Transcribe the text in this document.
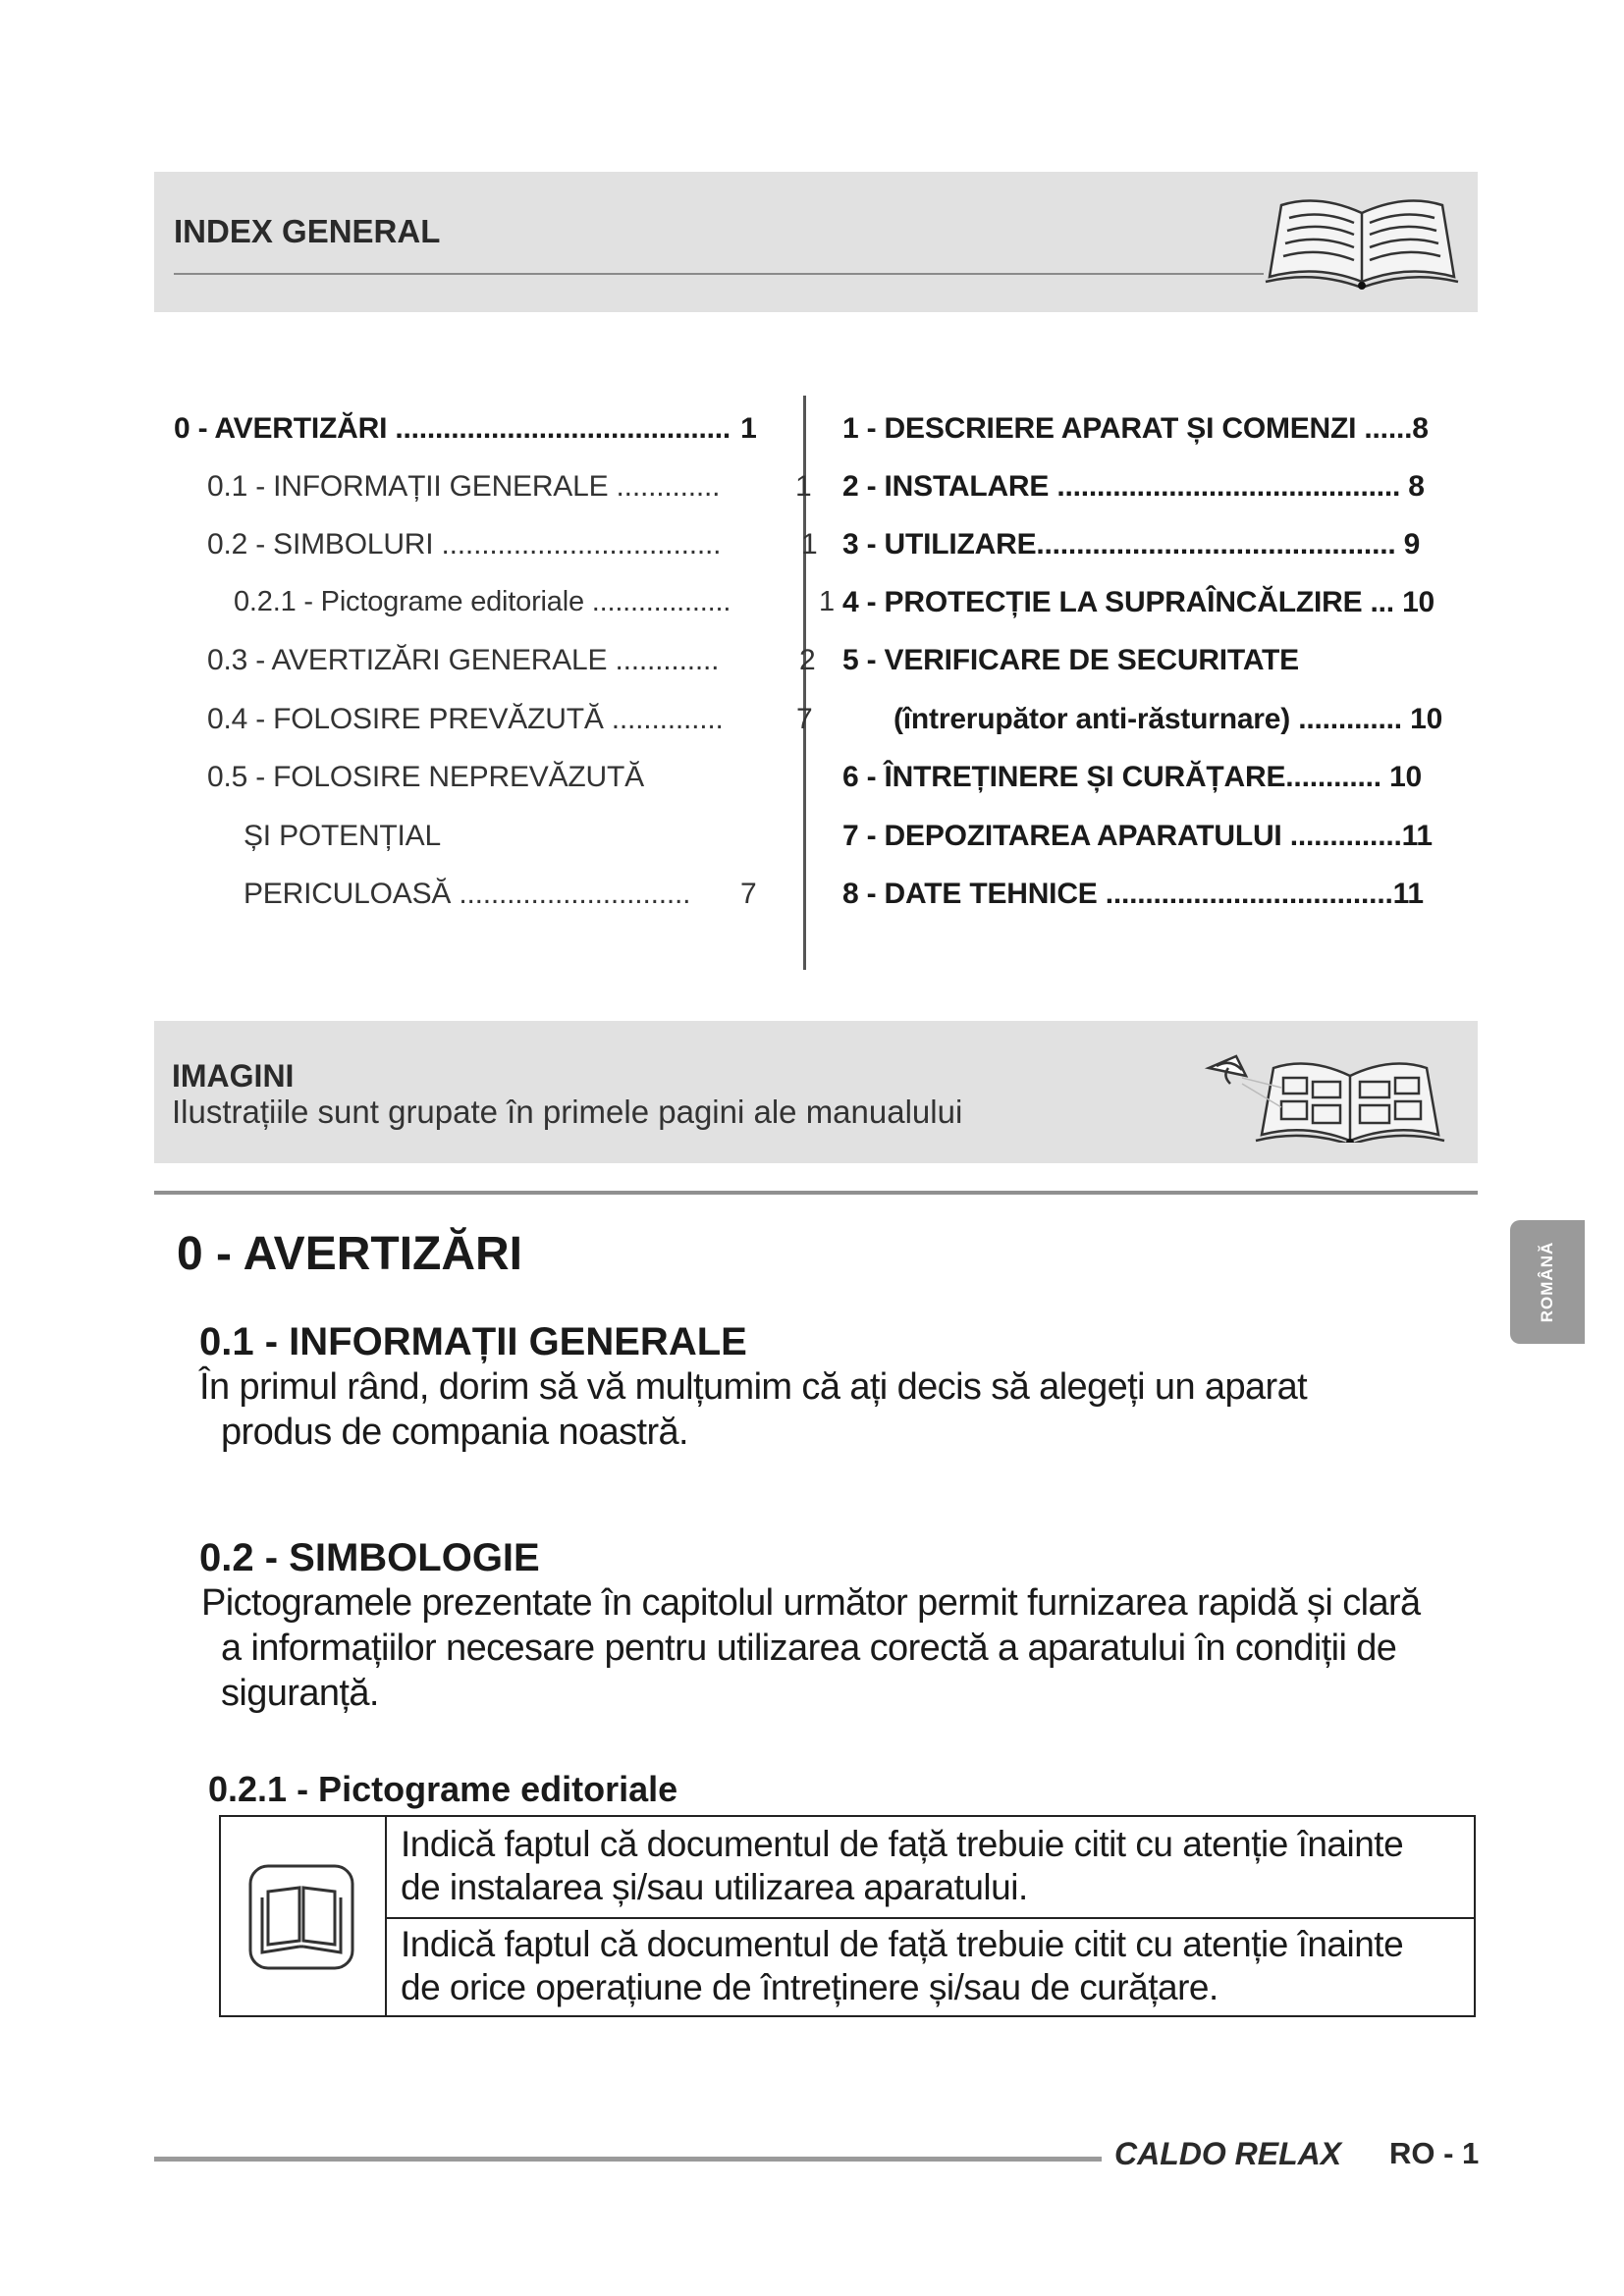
INDEX GENERAL
0 - AVERTIZĂRI .......................................... 1
0.1 - INFORMAȚII GENERALE .............	1
0.2 - SIMBOLURI ...................................	1
0.2.1 - Pictograme editoriale ..................	1
0.3 - AVERTIZĂRI GENERALE .............	2
0.4 - FOLOSIRE PREVĂZUTĂ .............. 7
0.5 - FOLOSIRE NEPREVĂZUTĂ
ȘI POTENȚIAL
PERICULOASĂ ............................. 7
1 - DESCRIERE APARAT ȘI COMENZI ......8
2 - INSTALARE ........................................... 8
3 - UTILIZARE............................................. 9
4 - PROTECȚIE LA SUPRAÎNCĂLZIRE ... 10
5 - VERIFICARE DE SECURITATE
(întrerupător anti-răsturnare) ............. 10
6 - ÎNTREȚINERE ȘI CURĂȚARE............ 10
7 - DEPOZITAREA APARATULUI ..............11
8 - DATE TEHNICE ....................................11
IMAGINI
Ilustrațiile sunt grupate în primele pagini ale manualului
ROMÂNĂ
0 - AVERTIZĂRI
0.1 - INFORMAȚII GENERALE
În primul rând, dorim să vă mulțumim că ați decis să alegeți un aparat
produs de compania noastră.
0.2 - SIMBOLOGIE
Pictogramele prezentate în capitolul următor permit furnizarea rapidă și clară
a informațiilor necesare pentru utilizarea corectă a aparatului în condiții de
siguranță.
0.2.1 - Pictograme editoriale
Indică faptul că documentul de față trebuie citit cu atenție înainte
de instalarea și/sau utilizarea aparatului.
Indică faptul că documentul de față trebuie citit cu atenție înainte
de orice operațiune de întreținere și/sau de curățare.
CALDO RELAX RO - 1
